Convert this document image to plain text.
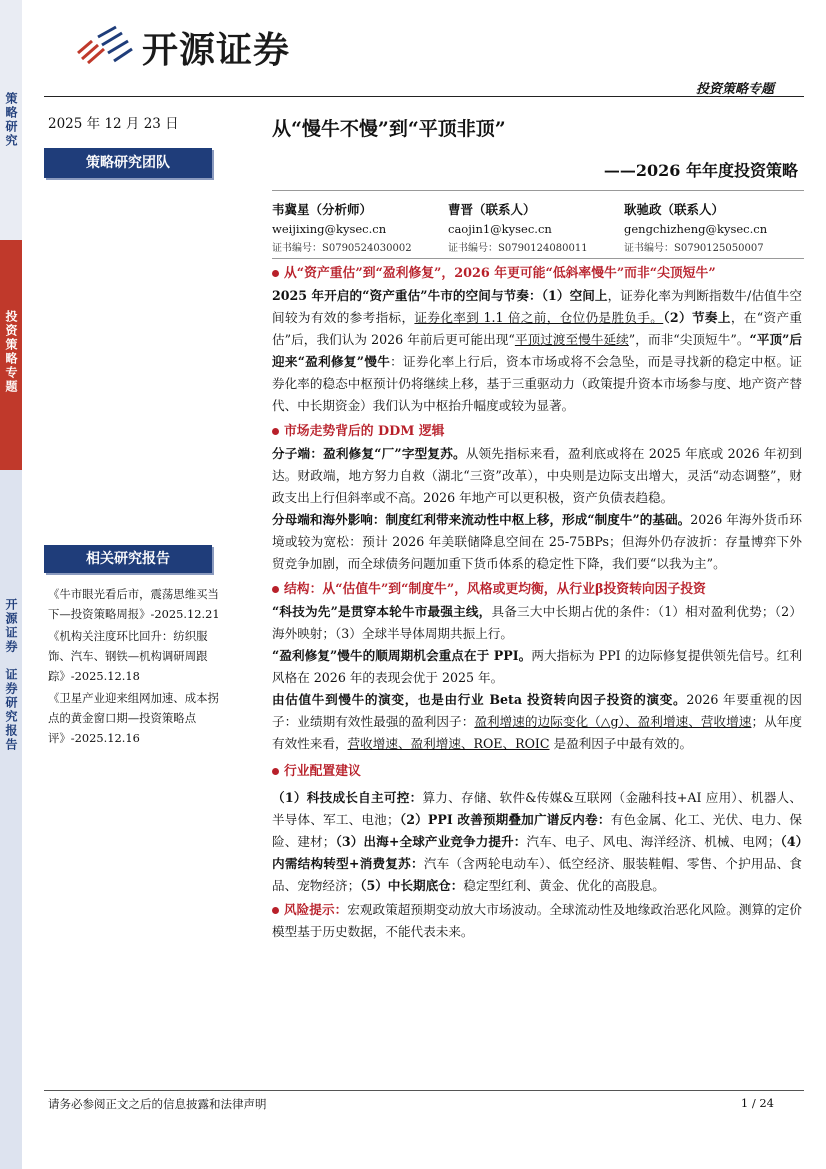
策略研究
投资策略专题
开源证券　证券研究报告
开源证券
投资策略专题
2025 年 12 月 23 日
策略研究团队
从“慢牛不慢”到“平顶非顶”
——2026 年年度投资策略
韦冀星（分析师）
weijixing@kysec.cn
证书编号：S0790524030002
曹晋（联系人）
caojin1@kysec.cn
证书编号：S0790124080011
耿驰政（联系人）
gengchizheng@kysec.cn
证书编号：S0790125050007
从“资产重估”到“盈利修复”，2026 年更可能“低斜率慢牛”而非“尖顶短牛”

2025 年开启的“资产重估”牛市的空间与节奏：（1）空间上，证券化率为判断指数牛/估值牛空间较为有效的参考指标，证券化率到 1.1 倍之前，仓位仍是胜负手。（2）节奏上，在“资产重估”后，我们认为 2026 年前后更可能出现“平顶过渡至慢牛延续”，而非“尖顶短牛”。“平顶”后迎来“盈利修复”慢牛：证券化率上行后，资本市场或将不会急坠，而是寻找新的稳定中枢。证券化率的稳态中枢预计仍将继续上移，基于三重驱动力（政策提升资本市场参与度、地产资产替代、中长期资金）我们认为中枢抬升幅度或较为显著。

市场走势背后的 DDM 逻辑

分子端：盈利修复“厂”字型复苏。从领先指标来看，盈利底或将在 2025 年底或 2026 年初到达。财政端，地方努力自救（湖北“三资”改革），中央则是边际支出增大，灵活“动态调整”，财政支出上行但斜率或不高。2026 年地产可以更积极，资产负债表趋稳。

分母端和海外影响：制度红利带来流动性中枢上移，形成“制度牛”的基础。2026 年海外货币环境或较为宽松：预计 2026 年美联储降息空间在 25-75BPs；但海外仍存波折：存量博弈下外贸竞争加剧，而全球债务问题加重下货币体系的稳定性下降，我们要“以我为主”。

结构：从“估值牛”到“制度牛”，风格或更均衡，从行业β投资转向因子投资

“科技为先”是贯穿本轮牛市最强主线，具备三大中长期占优的条件：（1）相对盈利优势；（2）海外映射；（3）全球半导体周期共振上行。

“盈利修复”慢牛的顺周期机会重点在于 PPI。两大指标为 PPI 的边际修复提供领先信号。红利风格在 2026 年的表现会优于 2025 年。

由估值牛到慢牛的演变，也是由行业 Beta 投资转向因子投资的演变。2026 年要重视的因子：业绩期有效性最强的盈利因子：盈利增速的边际变化（△g）、盈利增速、营收增速；从年度有效性来看，营收增速、盈利增速、ROE、ROIC 是盈利因子中最有效的。

行业配置建议

（1）科技成长自主可控：算力、存储、软件&传媒&互联网（金融科技+AI 应用）、机器人、半导体、军工、电池；（2）PPI 改善预期叠加广谱反内卷：有色金属、化工、光伏、电力、保险、建材；（3）出海+全球产业竞争力提升：汽车、电子、风电、海洋经济、机械、电网；（4）内需结构转型+消费复苏：汽车（含两轮电动车）、低空经济、服装鞋帽、零售、个护用品、食品、宠物经济；（5）中长期底仓：稳定型红利、黄金、优化的高股息。

风险提示：宏观政策超预期变动放大市场波动。全球流动性及地缘政治恶化风险。测算的定价模型基于历史数据，不能代表未来。

相关研究报告
《牛市眼光看后市，震荡思维买当下—投资策略周报》-2025.12.21
《机构关注度环比回升：纺织服饰、汽车、钢铁—机构调研周跟踪》-2025.12.18
《卫星产业迎来组网加速、成本拐点的黄金窗口期—投资策略点评》-2025.12.16
请务必参阅正文之后的信息披露和法律声明	1 / 24
